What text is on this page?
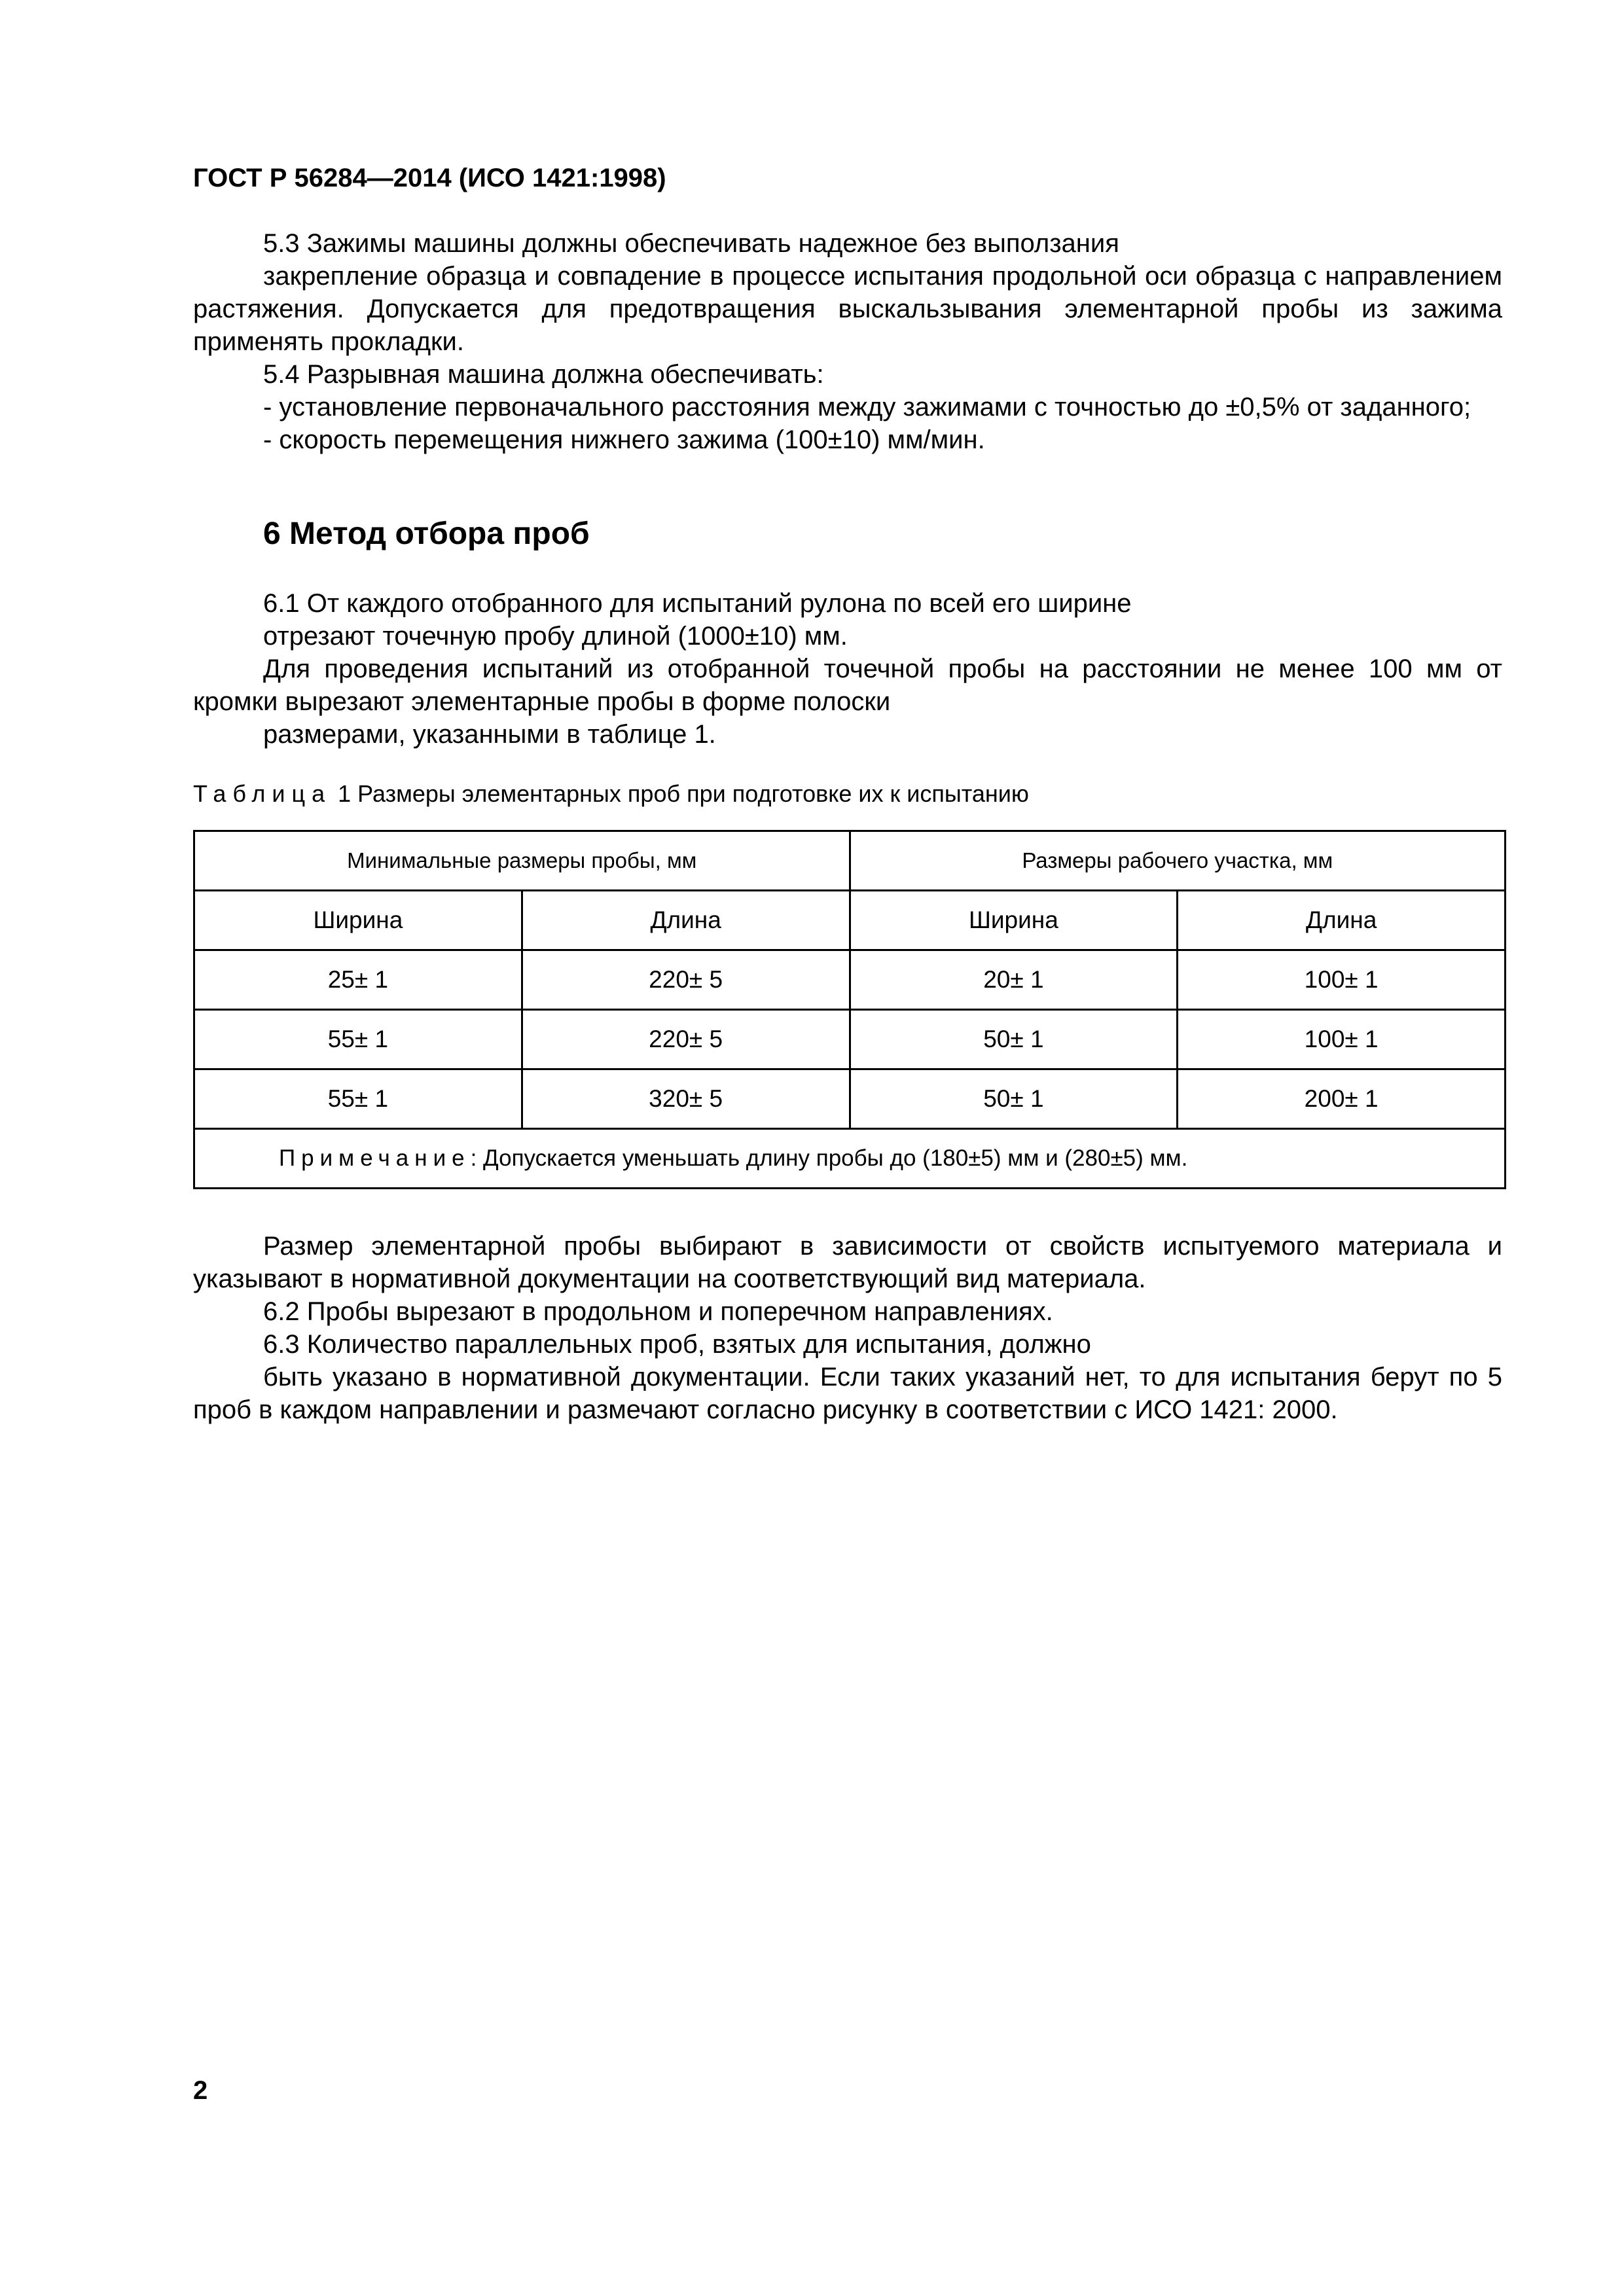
ГОСТ Р 56284—2014 (ИСО 1421:1998)

5.3 Зажимы машины должны обеспечивать надежное без выползания

закрепление образца и совпадение в процессе испытания продольной оси образца с направлением растяжения. Допускается для предотвращения выскальзывания элементарной пробы из зажима применять прокладки.

5.4 Разрывная машина должна обеспечивать:

- установление первоначального расстояния между зажимами с точностью до ±0,5% от заданного;

- скорость перемещения нижнего зажима (100±10) мм/мин.

6 Метод отбора проб

6.1 От каждого отобранного для испытаний рулона по всей его ширине

отрезают точечную пробу длиной (1000±10) мм.

Для проведения испытаний из отобранной точечной пробы на расстоянии не менее 100 мм от кромки вырезают элементарные пробы в форме полоски

размерами, указанными в таблице 1.

Таблица 1 Размеры элементарных проб при подготовке их к испытанию
Минимальные размеры пробы, мм		Размеры рабочего участка, мм	
Ширина	Длина	Ширина	Длина
25± 1	220± 5	20± 1	100± 1
55± 1	220± 5	50± 1	100± 1
55± 1	320± 5	50± 1	200± 1
Примечание: Допускается уменьшать длину пробы до (180±5) мм и (280±5) мм.			

Размер элементарной пробы выбирают в зависимости от свойств испытуемого материала и указывают в нормативной документации на соответствующий вид материала.

6.2 Пробы вырезают в продольном и поперечном направлениях.

6.3 Количество параллельных проб, взятых для испытания, должно

быть указано в нормативной документации. Если таких указаний нет, то для испытания берут по 5 проб в каждом направлении и размечают согласно рисунку в соответствии с ИСО 1421: 2000.

2
